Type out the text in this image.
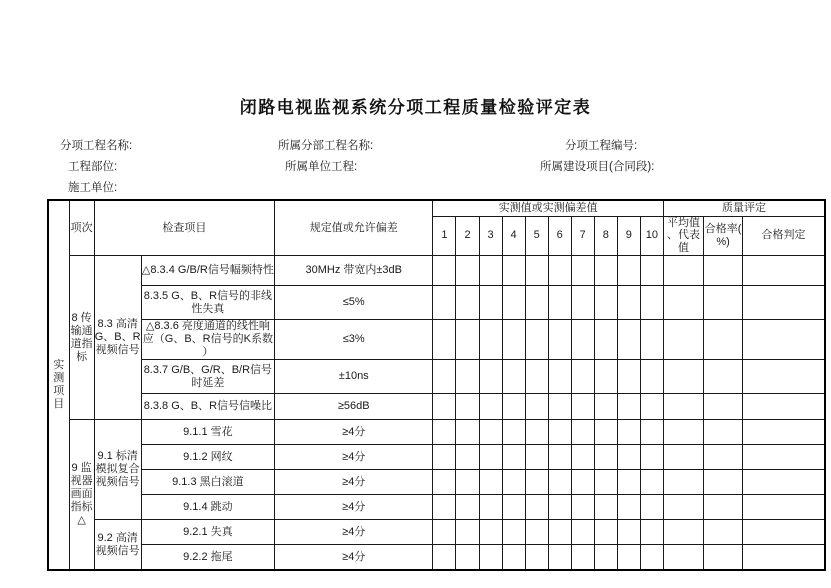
闭路电视监视系统分项工程质量检验评定表
分项工程名称:	所属分部工程名称:	分项工程编号:
工程部位:	所属单位工程:	所属建设项目(合同段):
施工单位:
实测项目	项次	检查项目		规定值或允许偏差	实测值或实测偏差值										质量评定		
					1	2	3	4	5	6	7	8	9	10	平均值、代表值	合格率(%)	合格判定
	8 传输通道指标	8.3 高清G、B、R视频信号	△8.3.4 G/B/R信号幅频特性	30MHz 带宽内±3dB													
			8.3.5 G、B、R信号的非线性失真	≤5%													
			△8.3.6 亮度通道的线性响应（G、B、R信号的K系数）	≤3%													
			8.3.7 G/B、G/R、B/R信号时延差	±10ns													
			8.3.8 G、B、R信号信噪比	≥56dB													
	9 监视器画面指标△	9.1 标清模拟复合视频信号	9.1.1 雪花	≥4分													
			9.1.2 网纹	≥4分													
			9.1.3 黑白滚道	≥4分													
			9.1.4 跳动	≥4分													
		9.2 高清视频信号	9.2.1 失真	≥4分													
			9.2.2 拖尾	≥4分													
